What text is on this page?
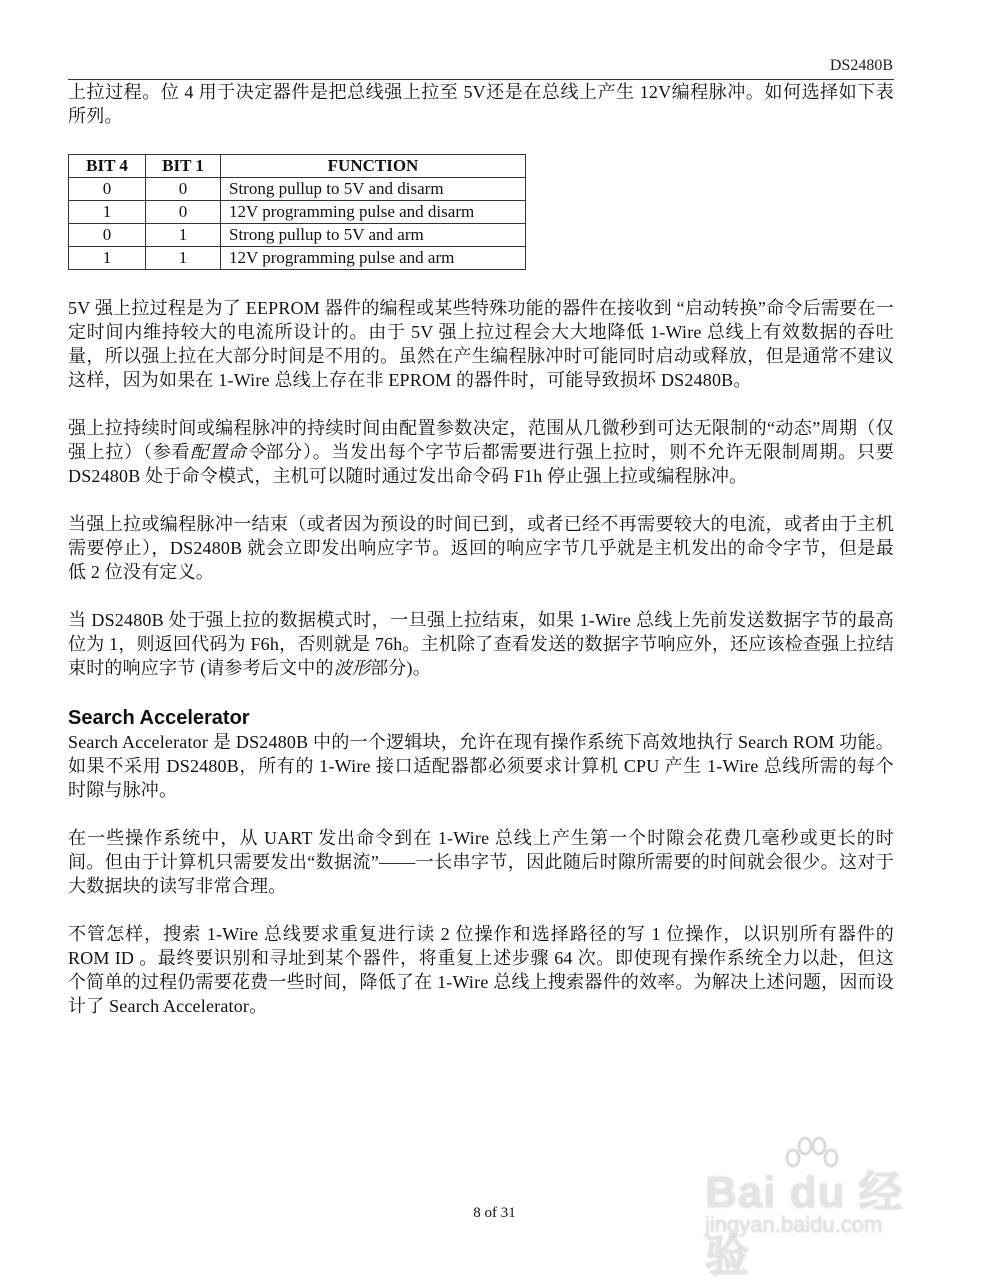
DS2480B

上拉过程。位 4 用于决定器件是把总线强上拉至 5V还是在总线上产生 12V编程脉冲。如何选择如下表所列。

BIT 4	BIT 1	FUNCTION
0	0	Strong pullup to 5V and disarm
1	0	12V programming pulse and disarm
0	1	Strong pullup to 5V and arm
1	1	12V programming pulse and arm

5V 强上拉过程是为了 EEPROM 器件的编程或某些特殊功能的器件在接收到 “启动转换”命令后需要在一定时间内维持较大的电流所设计的。由于 5V 强上拉过程会大大地降低 1-Wire 总线上有效数据的吞吐量，所以强上拉在大部分时间是不用的。虽然在产生编程脉冲时可能同时启动或释放，但是通常不建议这样，因为如果在 1-Wire 总线上存在非 EPROM 的器件时，可能导致损坏 DS2480B。

强上拉持续时间或编程脉冲的持续时间由配置参数决定，范围从几微秒到可达无限制的“动态”周期（仅强上拉）（参看配置命令部分）。当发出每个字节后都需要进行强上拉时，则不允许无限制周期。只要 DS2480B 处于命令模式，主机可以随时通过发出命令码 F1h 停止强上拉或编程脉冲。

当强上拉或编程脉冲一结束（或者因为预设的时间已到，或者已经不再需要较大的电流，或者由于主机需要停止），DS2480B 就会立即发出响应字节。返回的响应字节几乎就是主机发出的命令字节，但是最低 2 位没有定义。

当 DS2480B 处于强上拉的数据模式时，一旦强上拉结束，如果 1-Wire 总线上先前发送数据字节的最高位为 1，则返回代码为 F6h，否则就是 76h。主机除了查看发送的数据字节响应外，还应该检查强上拉结束时的响应字节 (请参考后文中的波形部分)。

Search Accelerator

Search Accelerator 是 DS2480B 中的一个逻辑块，允许在现有操作系统下高效地执行 Search ROM 功能。如果不采用 DS2480B，所有的 1-Wire 接口适配器都必须要求计算机 CPU 产生 1-Wire 总线所需的每个时隙与脉冲。

在一些操作系统中，从 UART 发出命令到在 1-Wire 总线上产生第一个时隙会花费几毫秒或更长的时间。但由于计算机只需要发出“数据流”——一长串字节，因此随后时隙所需要的时间就会很少。这对于大数据块的读写非常合理。

不管怎样，搜索 1-Wire 总线要求重复进行读 2 位操作和选择路径的写 1 位操作，以识别所有器件的 ROM ID 。最终要识别和寻址到某个器件，将重复上述步骤 64 次。即使现有操作系统全力以赴，但这个简单的过程仍需要花费一些时间，降低了在 1-Wire 总线上搜索器件的效率。为解决上述问题，因而设计了 Search Accelerator。

Bai du 经验
jingyan.baidu.com
8 of 31
